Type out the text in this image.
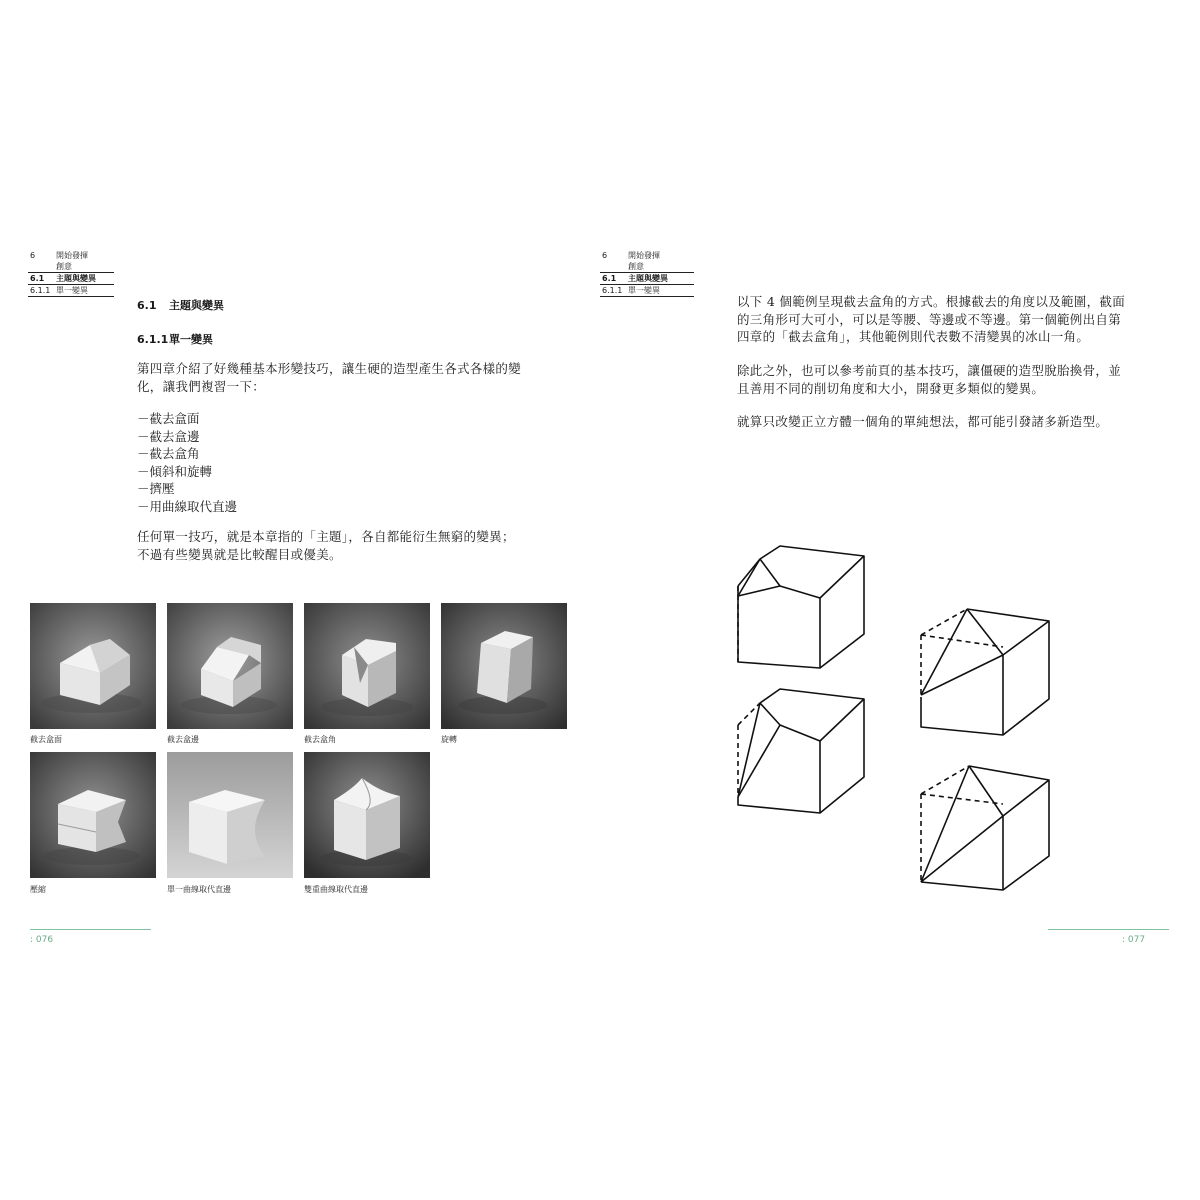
6	開始發揮
創意
6.1	主題與變異
6.1.1 單一變異
6.1 主題與變異
6.1.1單一變異
第四章介紹了好幾種基本形變技巧，讓生硬的造型產生各式各樣的變
化，讓我們複習一下：
－截去盒面
－截去盒邊
－截去盒角
－傾斜和旋轉
－擠壓
－用曲線取代直邊
任何單一技巧，就是本章指的「主題」，各自都能衍生無窮的變異；
不過有些變異就是比較醒目或優美。
截去盒面	截去盒邊	截去盒角	旋轉
壓縮	單一曲線取代直邊	雙重曲線取代直邊
: 076
6	開始發揮
創意
6.1	主題與變異
6.1.1 單一變異
以下 4 個範例呈現截去盒角的方式。根據截去的角度以及範圍，截面
的三角形可大可小，可以是等腰、等邊或不等邊。第一個範例出自第
四章的「截去盒角」，其他範例則代表數不清變異的冰山一角。
除此之外，也可以參考前頁的基本技巧，讓僵硬的造型脫胎換骨，並
且善用不同的削切角度和大小，開發更多類似的變異。
就算只改變正立方體一個角的單純想法，都可能引發諸多新造型。
: 077
